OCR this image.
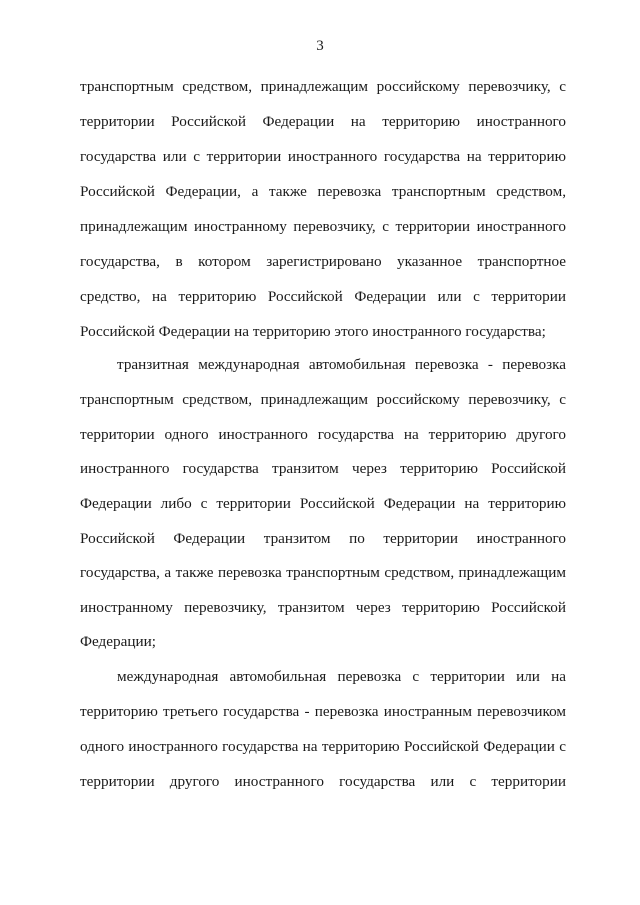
3
транспортным средством, принадлежащим российскому перевозчику, с
территории Российской Федерации на территорию иностранного
государства или с территории иностранного государства на территорию
Российской Федерации, а также перевозка транспортным средством,
принадлежащим иностранному перевозчику, с территории иностранного
государства, в котором зарегистрировано указанное транспортное
средство, на территорию Российской Федерации или с территории
Российской Федерации на территорию этого иностранного государства;
транзитная международная автомобильная перевозка - перевозка
транспортным средством, принадлежащим российскому перевозчику, с
территории одного иностранного государства на территорию другого
иностранного государства транзитом через территорию Российской
Федерации либо с территории Российской Федерации на территорию
Российской Федерации транзитом по территории иностранного
государства, а также перевозка транспортным средством, принадлежащим
иностранному перевозчику, транзитом через территорию Российской
Федерации;
международная автомобильная перевозка с территории или на
территорию третьего государства - перевозка иностранным перевозчиком
одного иностранного государства на территорию Российской Федерации с
территории другого иностранного государства или с территории
